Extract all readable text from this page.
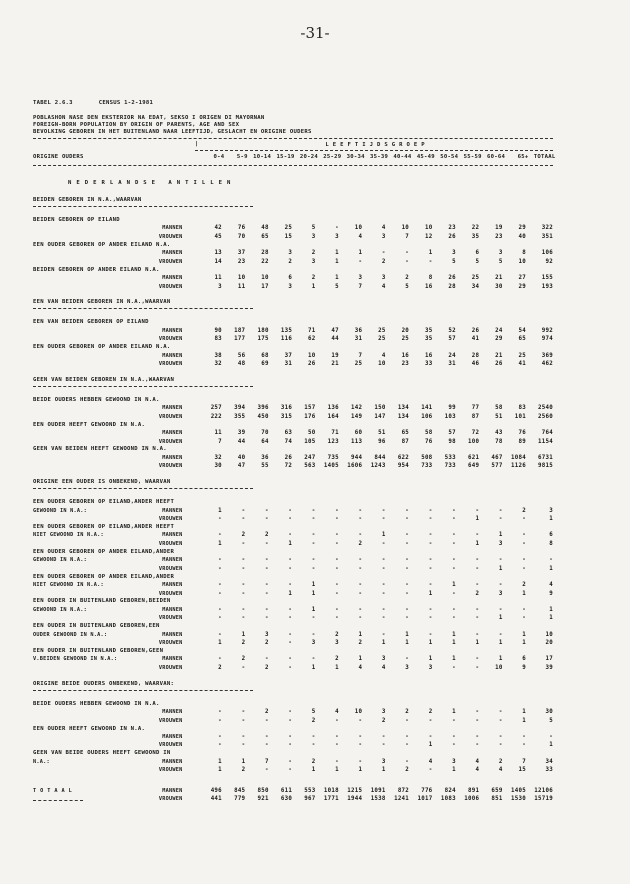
-31-
TABEL 2.6.3	CENSUS 1-2-1981
POBLASHON NASE DEN EKSTERIOR NA EDAT, SEKSO I ORIGEN DI MAYORNAN
FOREIGN-BORN POPULATION BY ORIGIN OF PARENTS, AGE AND SEX
BEVOLKING GEBOREN IN HET BUITENLAND NAAR LEEFTIJD, GESLACHT EN ORIGINE OUDERS
|	LEEFTIJDSGROEP
ORIGINE OUDERS	0-4	5-9 10-14 15-19 20-24 25-29 30-34 35-39 40-44 45-49 50-54 55-59 60-64	65+ TOTAAL
NEDERLANDSE ANTILLEN
BEIDEN GEBOREN IN N.A.,WAARVAN
BEIDEN GEBOREN OP EILAND
MANNEN	42	76	48	25	5	-	10	4	10	10	23	22	19	29	322
VROUWEN	45	70	65	15	3	3	4	3	7	12	26	35	23	40	351
EEN OUDER GEBOREN OP ANDER EILAND N.A.
MANNEN	13	37	28	3	2	1	1	-	-	1	3	6	3	8	106
VROUWEN	14	23	22	2	3	1	-	2	-	-	5	5	5	10	92
BEIDEN GEBOREN OP ANDER EILAND N.A.
MANNEN	11	10	10	6	2	1	3	3	2	8	26	25	21	27	155
VROUWEN	3	11	17	3	1	5	7	4	5	16	28	34	30	29	193
EEN VAN BEIDEN GEBOREN IN N.A.,WAARVAN
EEN VAN BEIDEN GEBOREN OP EILAND
MANNEN	90	187	180	135	71	47	36	25	20	35	52	26	24	54	992
VROUWEN	83	177	175	116	62	44	31	25	25	35	57	41	29	65	974
EEN OUDER GEBOREN OP ANDER EILAND N.A.
MANNEN	38	56	68	37	10	19	7	4	16	16	24	28	21	25	369
VROUWEN	32	48	69	31	26	21	25	10	23	33	31	46	26	41	462
GEEN VAN BEIDEN GEBOREN IN N.A.,WAARVAN
BEIDE OUDERS HEBBEN GEWOOND IN N.A.
MANNEN	257	394	396	316	157	136	142	150	134	141	99	77	58	83	2540
VROUWEN	222	355	450	315	176	164	149	147	134	106	103	87	51	101	2560
EEN OUDER HEEFT GEWOOND IN N.A.
MANNEN	11	39	70	63	50	71	60	51	65	58	57	72	43	76	764
VROUWEN	7	44	64	74	105	123	113	96	87	76	98	100	78	89	1154
GEEN VAN BEIDEN HEEFT GEWOOND IN N.A.
MANNEN	32	40	36	26	247	735	944	844	622	508	533	621	467	1084	6731
VROUWEN	30	47	55	72	563	1405	1606	1243	954	733	733	649	577	1126	9815
ORIGINE EEN OUDER IS ONBEKEND, WAARVAN
EEN OUDER GEBOREN OP EILAND,ANDER HEEFT
GEWOOND IN N.A.:	MANNEN	1	-	-	-	-	-	-	-	-	-	-	-	-	2	3
VROUWEN	-	-	-	-	-	-	-	-	-	-	-	1	-	-	1
EEN OUDER GEBOREN OP EILAND,ANDER HEEFT
NIET GEWOOND IN N.A.:	MANNEN	-	2	2	-	-	-	-	1	-	-	-	-	1	-	6
VROUWEN	1	-	-	1	-	-	2	-	-	-	-	1	3	-	8
EEN OUDER GEBOREN OP ANDER EILAND,ANDER
GEWOOND IN N.A.:	MANNEN	-	-	-	-	-	-	-	-	-	-	-	-	-	-	-
VROUWEN	-	-	-	-	-	-	-	-	-	-	-	-	1	-	1
EEN OUDER GEBOREN OP ANDER EILAND,ANDER
NIET GEWOOND IN N.A.:	MANNEN	-	-	-	-	1	-	-	-	-	-	1	-	-	2	4
VROUWEN	-	-	-	1	1	-	-	-	-	1	-	2	3	1	9
EEN OUDER IN BUITENLAND GEBOREN,BEIDEN
GEWOOND IN N.A.:	MANNEN	-	-	-	-	1	-	-	-	-	-	-	-	-	-	1
VROUWEN	-	-	-	-	-	-	-	-	-	-	-	-	1	-	1
EEN OUDER IN BUITENLAND GEBOREN,EEN
OUDER GEWOOND IN N.A.:	MANNEN	-	1	3	-	-	2	1	-	1	-	1	-	-	1	10
VROUWEN	1	2	2	-	3	3	2	1	1	1	1	1	1	1	20
EEN OUDER IN BUITENLAND GEBOREN,GEEN
V.BEIDEN GEWOOND IN N.A.:	MANNEN	-	2	-	-	-	2	1	3	-	1	1	-	1	6	17
VROUWEN	2	-	2	-	1	1	4	4	3	3	-	-	10	9	39
ORIGINE BEIDE OUDERS ONBEKEND, WAARVAN:
BEIDE OUDERS HEBBEN GEWOOND IN N.A.
MANNEN	-	-	2	-	5	4	10	3	2	2	1	-	-	1	30
VROUWEN	-	-	-	-	2	-	-	2	-	-	-	-	-	1	5
EEN OUDER HEEFT GEWOOND IN N.A.
MANNEN	-	-	-	-	-	-	-	-	-	-	-	-	-	-	-
VROUWEN	-	-	-	-	-	-	-	-	-	1	-	-	-	-	1
GEEN VAN BEIDE OUDERS HEEFT GEWOOND IN
N.A.:	MANNEN	1	1	7	-	2	-	-	3	-	4	3	4	2	7	34
VROUWEN	1	2	-	-	1	1	1	1	2	-	1	4	4	15	33
TOTAAL	MANNEN	496	845	850	611	553	1018	1215	1091	872	776	824	891	659	1405	12106
VROUWEN	441	779	921	630	967	1771	1944	1538	1241	1017	1083	1006	851	1530	15719
